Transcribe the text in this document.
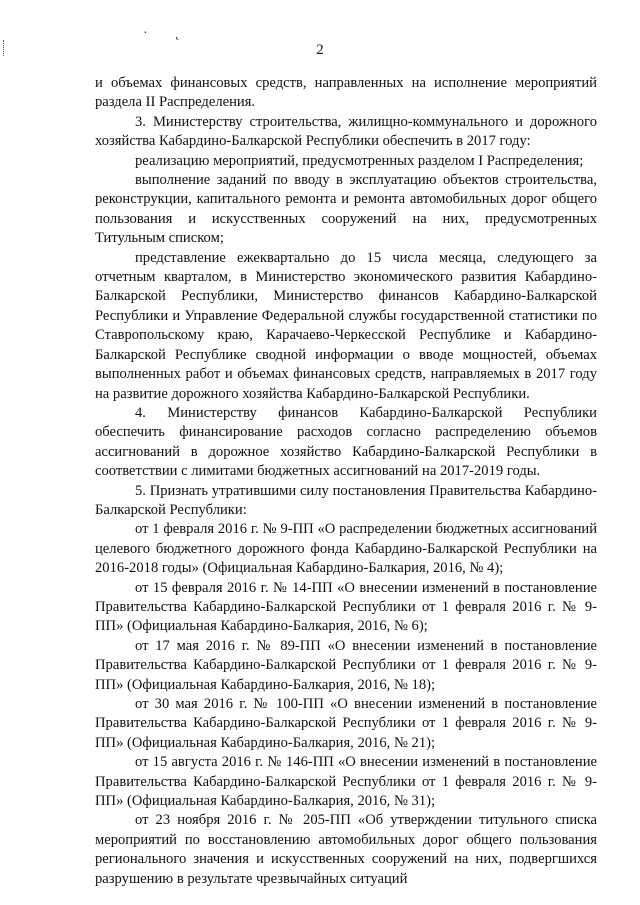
· ˛
2

и объемах финансовых средств, направленных на исполнение мероприятий раздела II Распределения.

3. Министерству строительства, жилищно-коммунального и дорожного хозяйства Кабардино-Балкарской Республики обеспечить в 2017 году:

реализацию мероприятий, предусмотренных разделом I Распределения;

выполнение заданий по вводу в эксплуатацию объектов строительства, реконструкции, капитального ремонта и ремонта автомобильных дорог общего пользования и искусственных сооружений на них, предусмотренных Титульным списком;

представление ежеквартально до 15 числа месяца, следующего за отчетным кварталом, в Министерство экономического развития Кабардино-Балкарской Республики, Министерство финансов Кабардино-Балкарской Республики и Управление Федеральной службы государственной статистики по Ставропольскому краю, Карачаево-Черкесской Республике и Кабардино-Балкарской Республике сводной информации о вводе мощностей, объемах выполненных работ и объемах финансовых средств, направляемых в 2017 году на развитие дорожного хозяйства Кабардино-Балкарской Республики.

4. Министерству финансов Кабардино-Балкарской Республики обеспечить финансирование расходов согласно распределению объемов ассигнований в дорожное хозяйство Кабардино-Балкарской Республики в соответствии с лимитами бюджетных ассигнований на 2017-2019 годы.

5. Признать утратившими силу постановления Правительства Кабардино-Балкарской Республики:

от 1 февраля 2016 г. № 9-ПП «О распределении бюджетных ассигнований целевого бюджетного дорожного фонда Кабардино-Балкарской Республики на 2016-2018 годы» (Официальная Кабардино-Балкария, 2016, № 4);

от 15 февраля 2016 г. № 14-ПП «О внесении изменений в постановление Правительства Кабардино-Балкарской Республики от 1 февраля 2016 г. № 9-ПП» (Официальная Кабардино-Балкария, 2016, № 6);

от 17 мая 2016 г. № 89-ПП «О внесении изменений в постановление Правительства Кабардино-Балкарской Республики от 1 февраля 2016 г. № 9-ПП» (Официальная Кабардино-Балкария, 2016, № 18);

от 30 мая 2016 г. № 100-ПП «О внесении изменений в постановление Правительства Кабардино-Балкарской Республики от 1 февраля 2016 г. № 9-ПП» (Официальная Кабардино-Балкария, 2016, № 21);

от 15 августа 2016 г. № 146-ПП «О внесении изменений в постановление Правительства Кабардино-Балкарской Республики от 1 февраля 2016 г. № 9-ПП» (Официальная Кабардино-Балкария, 2016, № 31);

от 23 ноября 2016 г. № 205-ПП «Об утверждении титульного списка мероприятий по восстановлению автомобильных дорог общего пользования регионального значения и искусственных сооружений на них, подвергшихся разрушению в результате чрезвычайных ситуаций
